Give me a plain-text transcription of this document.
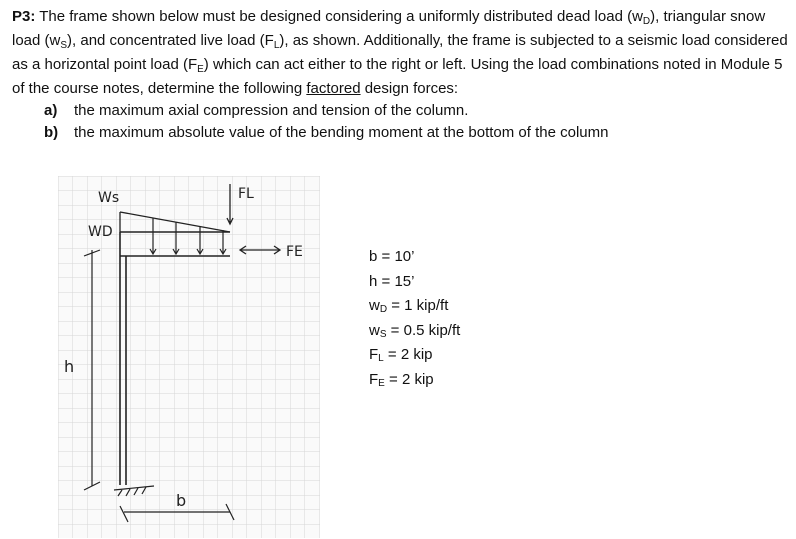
P3: The frame shown below must be designed considering a uniformly distributed dead load $(w_D)$, triangular snow load $(w_S)$, and concentrated live load $(F_L)$, as shown. Additionally, the frame is subjected to a seismic load considered as a horizontal point load $(F_E)$ which can act either to the right or left. Using the load combinations noted in Module 5 of the course notes, determine the following factored design forces:
a) the maximum axial compression and tension of the column.
b) the maximum absolute value of the bending moment at the bottom of the column
FL
FE
Ws
WD
h
b
b = 10’
h = 15’
$w_D = 1$ kip/ft
$w_S = 0.5$ kip/ft
$F_L = 2$ kip
$F_E = 2$ kip
